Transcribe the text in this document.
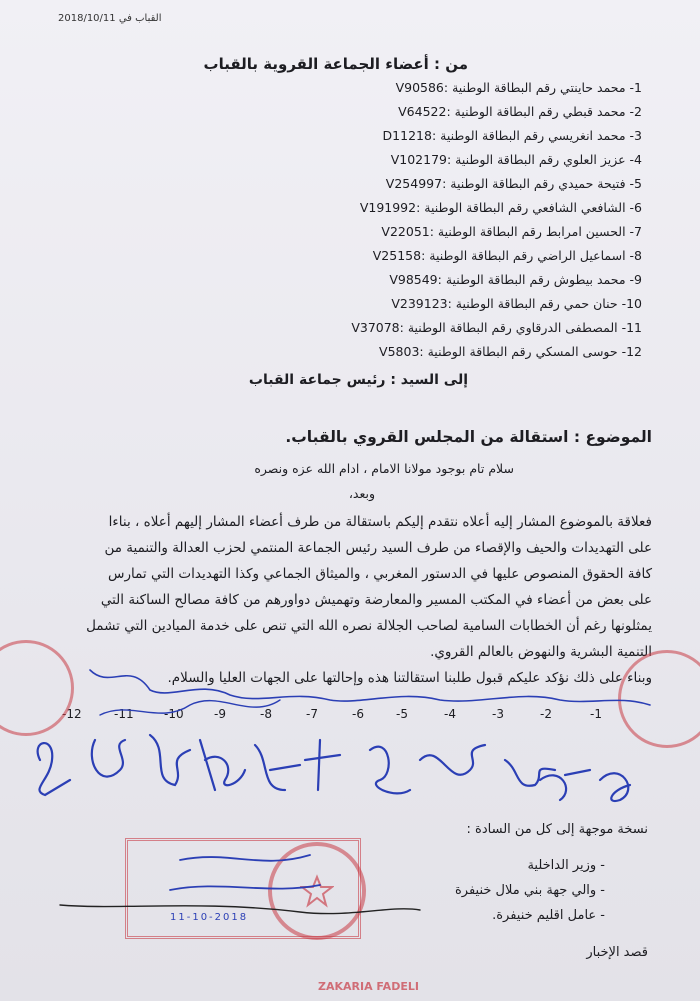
القباب في 2018/10/11
من : أعضاء الجماعة القروية بالقباب
1- محمد حاينتي رقم البطاقة الوطنية :V90586
2- محمد قبطي رقم البطاقة الوطنية :V64522
3- محمد انغريسي رقم البطاقة الوطنية :D11218
4- عزيز العلوي رقم البطاقة الوطنية :V102179
5- فتيحة حميدي رقم البطاقة الوطنية :V254997
6- الشافعي الشافعي رقم البطاقة الوطنية :V191992
7- الحسين امرابط رقم البطاقة الوطنية :V22051
8- اسماعيل الراضي رقم البطاقة الوطنية :V25158
9- محمد بيطوش رقم البطاقة الوطنية :V98549
10- حنان حمي رقم البطاقة الوطنية :V239123
11- المصطفى الدرقاوي رقم البطاقة الوطنية :V37078
12- حوسى المسكي رقم البطاقة الوطنية :V5803
إلى السيد : رئيس جماعة القباب
الموضوع : استقالة من المجلس القروي بالقباب.
سلام تام بوجود مولانا الامام ، ادام الله عزه ونصره
وبعد،
فعلاقة بالموضوع المشار إليه أعلاه نتقدم إليكم باستقالة من طرف أعضاء المشار إليهم أعلاه ، بناءا
على التهديدات والحيف والإقصاء من طرف السيد رئيس الجماعة المنتمي لحزب العدالة والتنمية من
كافة الحقوق المنصوص عليها في الدستور المغربي ، والميثاق الجماعي وكذا التهديدات التي تمارس
على بعض من أعضاء في المكتب المسير والمعارضة وتهميش دواورهم من كافة مصالح الساكنة التي
يمثلونها رغم أن الخطابات السامية لصاحب الجلالة نصره الله التي تنص على خدمة الميادين التي تشمل
التنمية البشرية والنهوض بالعالم القروي.
وبناء على ذلك نؤكد عليكم قبول طلبنا استقالتنا هذه وإحالتها على الجهات العليا والسلام.
-1
-2
-3
-4
-5
-6
-7
-8
-9
-10
-11
-12
11-10-2018
ZAKARIA FADELI
نسخة موجهة إلى كل من السادة :
- وزير الداخلية
- والي جهة بني ملال خنيفرة
- عامل اقليم خنيفرة.
قصد الإخبار
